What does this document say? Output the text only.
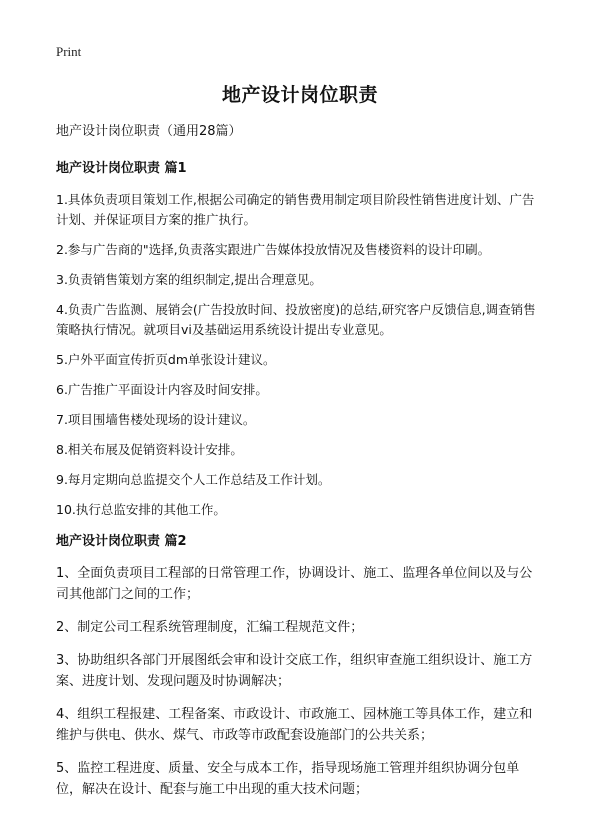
Print
地产设计岗位职责
地产设计岗位职责（通用28篇）
地产设计岗位职责 篇1

1.具体负责项目策划工作,根据公司确定的销售费用制定项目阶段性销售进度计划、广告计划、并保证项目方案的推广执行。

2.参与广告商的"选择,负责落实跟进广告媒体投放情况及售楼资料的设计印刷。

3.负责销售策划方案的组织制定,提出合理意见。

4.负责广告监测、展销会(广告投放时间、投放密度)的总结,研究客户反馈信息,调查销售策略执行情况。就项目vi及基础运用系统设计提出专业意见。

5.户外平面宣传折页dm单张设计建议。

6.广告推广平面设计内容及时间安排。

7.项目围墙售楼处现场的设计建议。

8.相关布展及促销资料设计安排。

9.每月定期向总监提交个人工作总结及工作计划。

10.执行总监安排的其他工作。

地产设计岗位职责 篇2

1、全面负责项目工程部的日常管理工作，协调设计、施工、监理各单位间以及与公司其他部门之间的工作；

2、制定公司工程系统管理制度，汇编工程规范文件；

3、协助组织各部门开展图纸会审和设计交底工作，组织审查施工组织设计、施工方案、进度计划、发现问题及时协调解决；

4、组织工程报建、工程备案、市政设计、市政施工、园林施工等具体工作，建立和维护与供电、供水、煤气、市政等市政配套设施部门的公共关系；

5、监控工程进度、质量、安全与成本工作，指导现场施工管理并组织协调分包单位，解决在设计、配套与施工中出现的重大技术问题；
